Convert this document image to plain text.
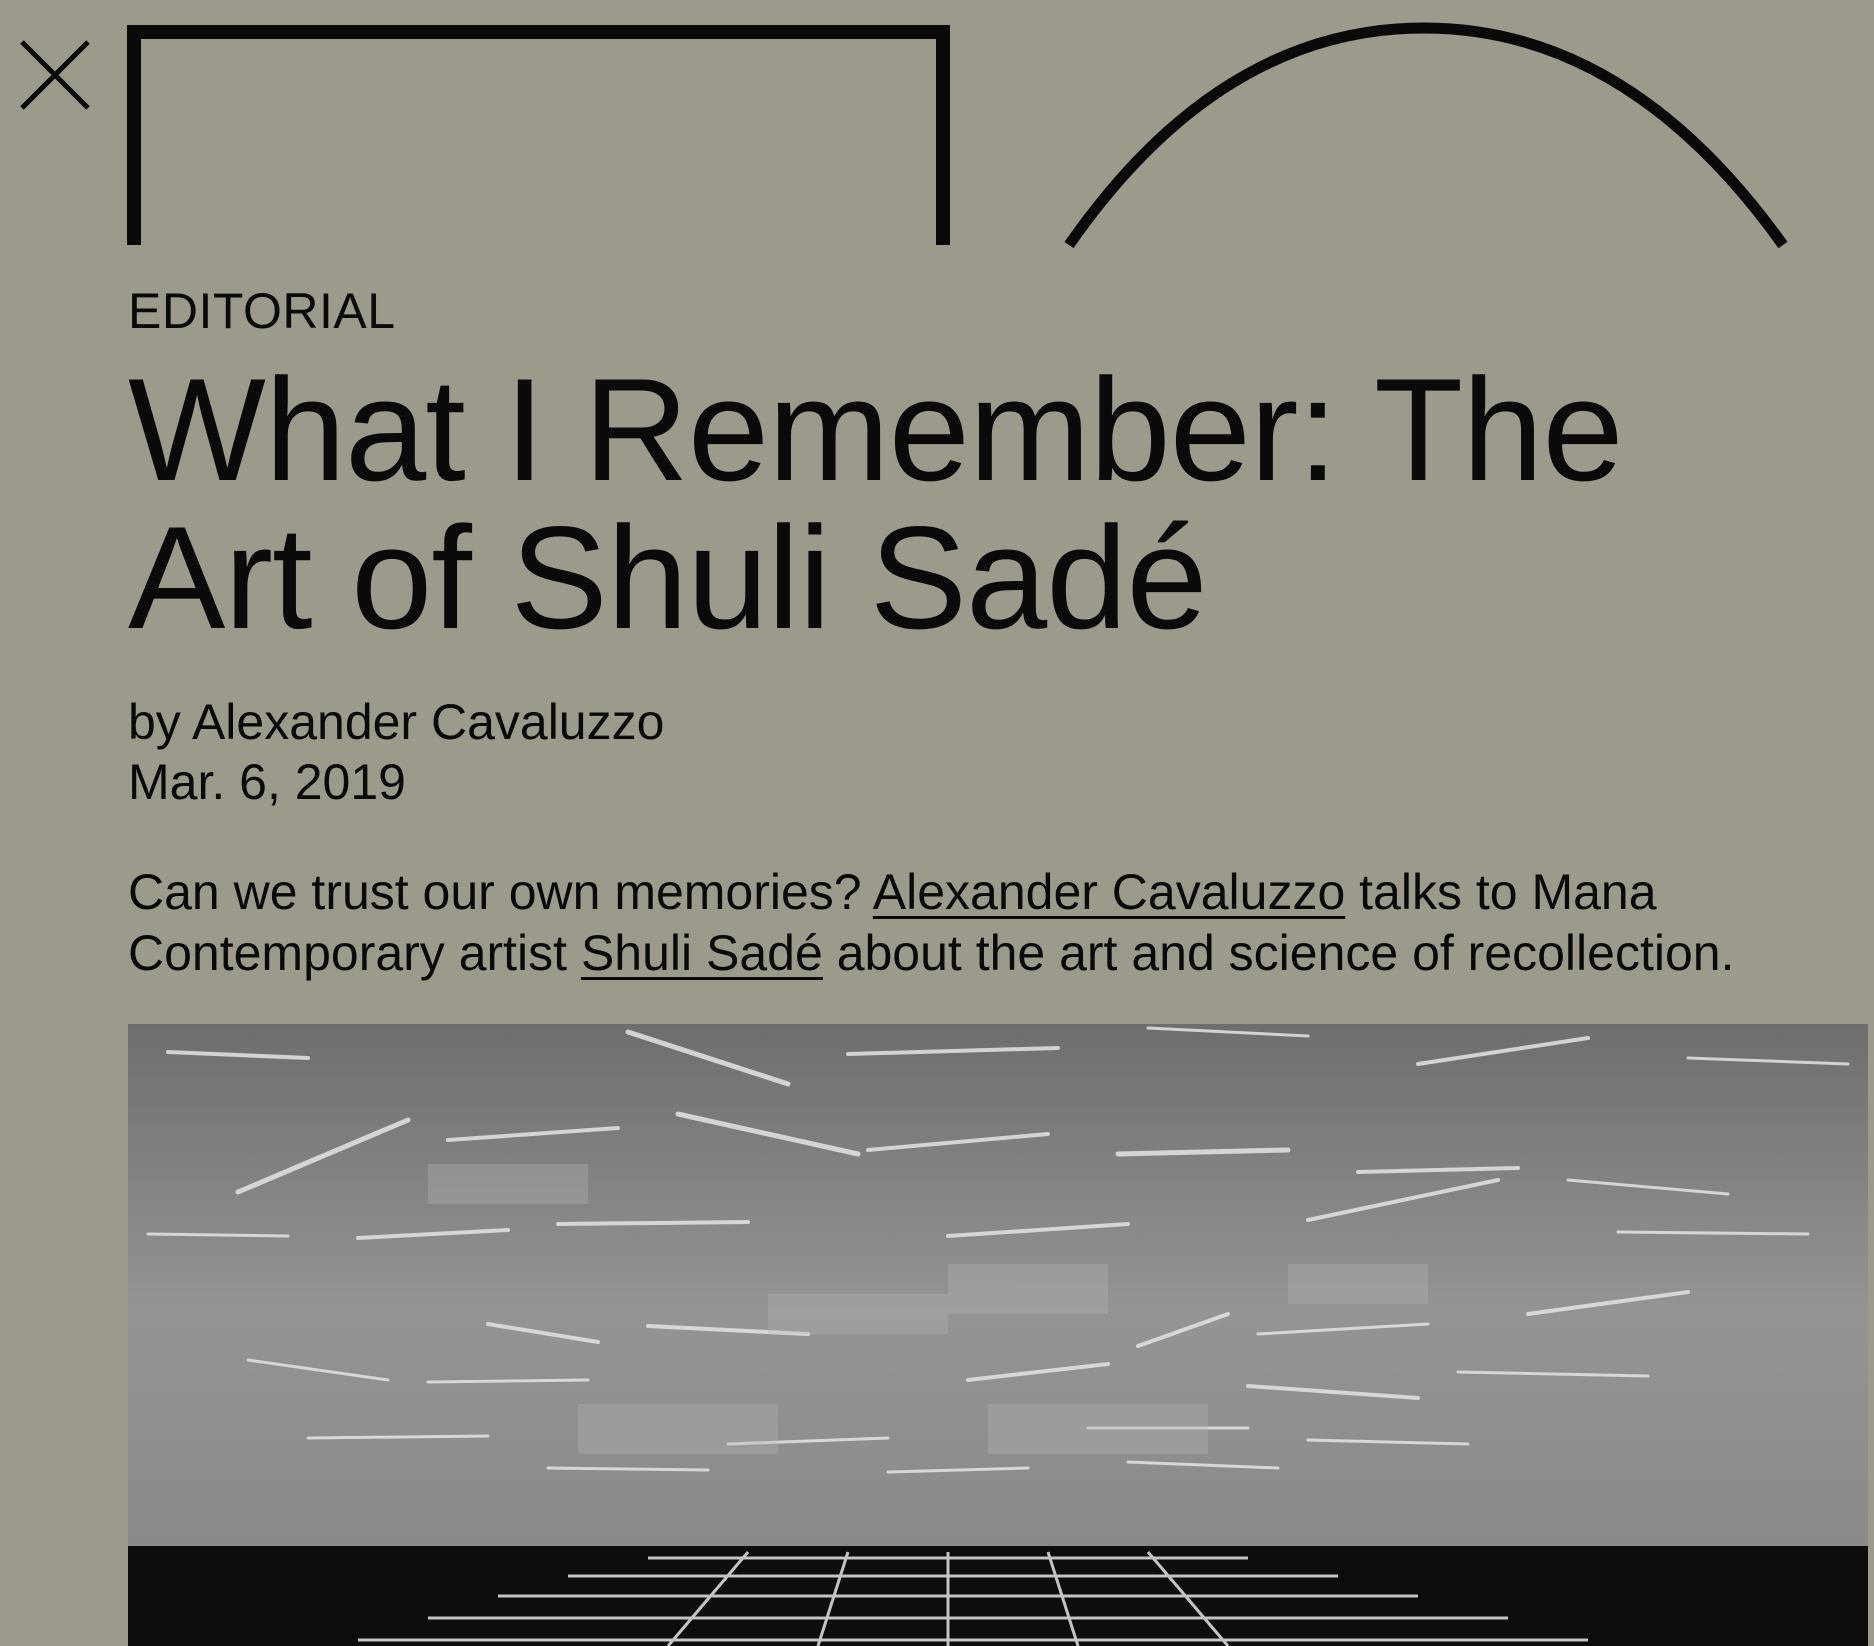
EDITORIAL
What I Remember: The
Art of Shuli Sadé
by Alexander Cavaluzzo
Mar. 6, 2019
Can we trust our own memories? Alexander Cavaluzzo talks to Mana
Contemporary artist Shuli Sadé about the art and science of recollection.
